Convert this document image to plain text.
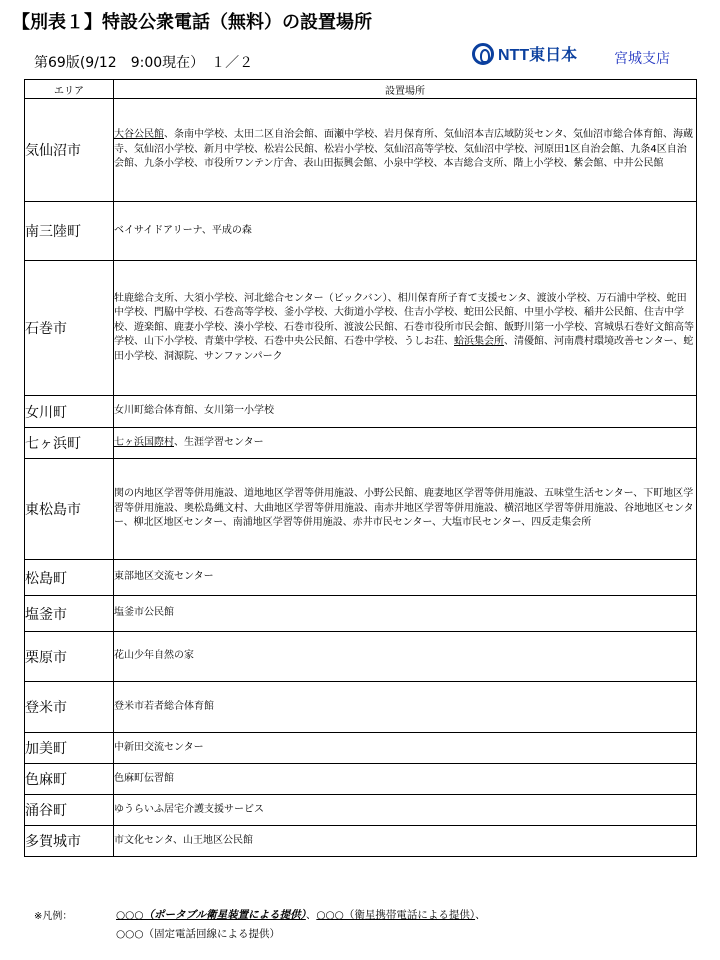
【別表１】特設公衆電話（無料）の設置場所
第69版(9/12　9:00現在）　１／２	NTT東日本	宮城支店
エリア	設置場所
気仙沼市	大谷公民館、条南中学校、太田二区自治会館、面瀬中学校、岩月保育所、気仙沼本吉広域防災センタ、気仙沼市総合体育館、海蔵寺、気仙沼小学校、新月中学校、松岩公民館、松岩小学校、気仙沼高等学校、気仙沼中学校、河原田1区自治会館、九条4区自治会館、九条小学校、市役所ワンテン庁舎、表山田振興会館、小泉中学校、本吉総合支所、階上小学校、紫会館、中井公民館
南三陸町	ベイサイドアリーナ、平成の森
石巻市	牡鹿総合支所、大須小学校、河北総合センター（ビックバン）、相川保育所子育て支援センタ、渡波小学校、万石浦中学校、蛇田中学校、門脇中学校、石巻高等学校、釜小学校、大街道小学校、住吉小学校、蛇田公民館、中里小学校、稲井公民館、住吉中学校、遊楽館、鹿妻小学校、湊小学校、石巻市役所、渡波公民館、石巻市役所市民会館、飯野川第一小学校、宮城県石巻好文館高等学校、山下小学校、青葉中学校、石巻中央公民館、石巻中学校、うしお荘、蛤浜集会所、清優館、河南農村環境改善センター、蛇田小学校、洞源院、サンファンパーク
女川町	女川町総合体育館、女川第一小学校
七ヶ浜町	七ヶ浜国際村、生涯学習センター
東松島市	関の内地区学習等併用施設、道地地区学習等併用施設、小野公民館、鹿妻地区学習等併用施設、五味堂生活センター、下町地区学習等併用施設、奥松島縄文村、大曲地区学習等併用施設、南赤井地区学習等併用施設、横沼地区学習等併用施設、谷地地区センター、柳北区地区センター、南浦地区学習等併用施設、赤井市民センター、大塩市民センター、四反走集会所
松島町	東部地区交流センター
塩釜市	塩釜市公民館
栗原市	花山少年自然の家
登米市	登米市若者総合体育館
加美町	中新田交流センター
色麻町	色麻町伝習館
涌谷町	ゆうらいふ居宅介護支援サービス
多賀城市	市文化センタ、山王地区公民館
※凡例：	○○○（ポータブル衛星装置による提供）、○○○（衛星携帯電話による提供）、
○○○（固定電話回線による提供）
